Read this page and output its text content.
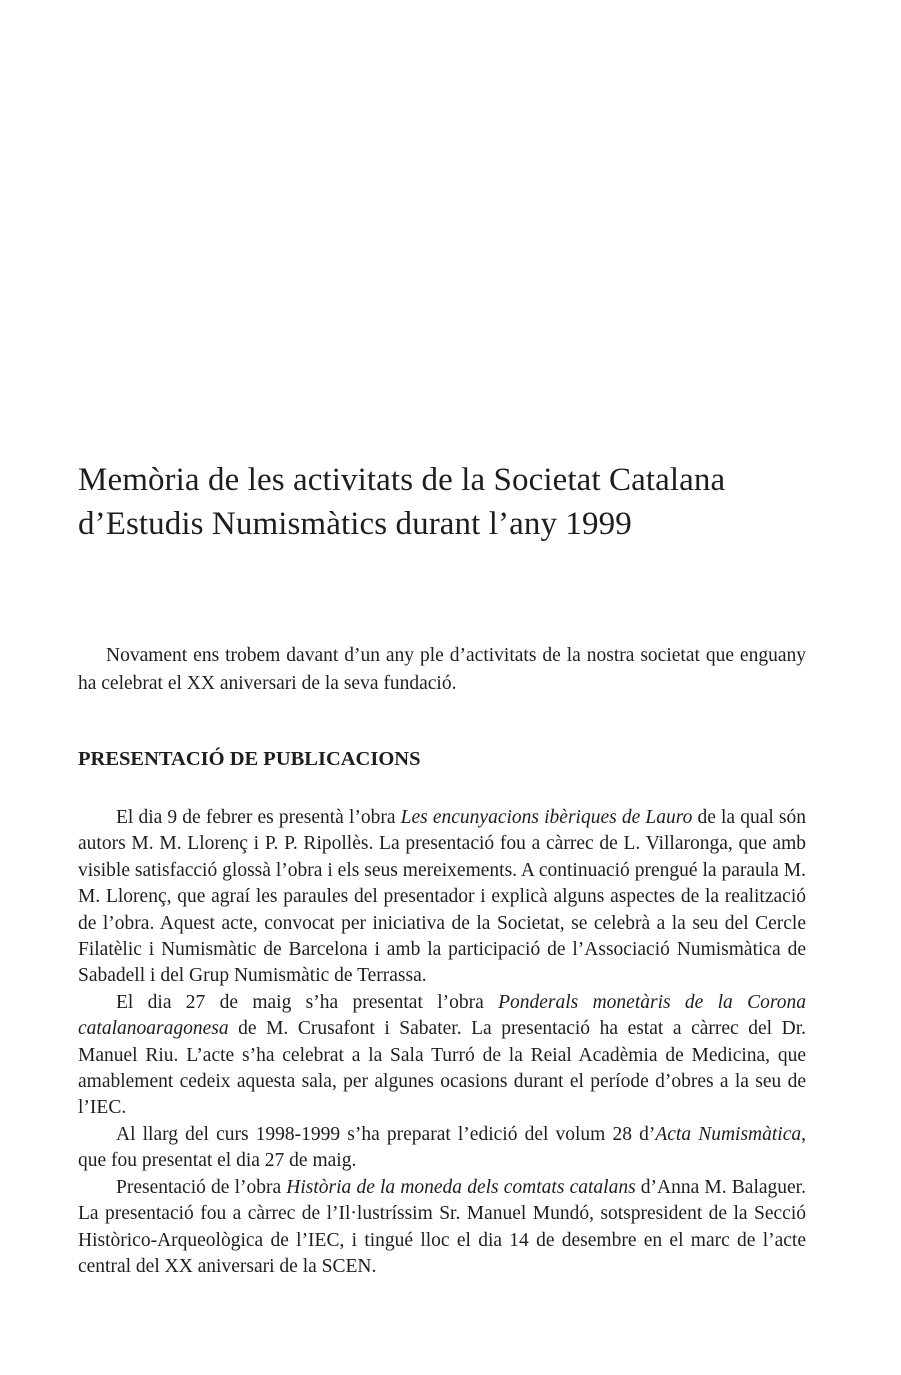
Memòria de les activitats de la Societat Catalana
d’Estudis Numismàtics durant l’any 1999

Novament ens trobem davant d’un any ple d’activitats de la nostra societat que enguany ha celebrat el XX aniversari de la seva fundació.

PRESENTACIÓ DE PUBLICACIONS

El dia 9 de febrer es presentà l’obra Les encunyacions ibèriques de Lauro de la qual són autors M. M. Llorenç i P. P. Ripollès. La presentació fou a càrrec de L. Villaronga, que amb visible satisfacció glossà l’obra i els seus mereixements. A continuació prengué la paraula M. M. Llorenç, que agraí les paraules del presentador i explicà alguns aspectes de la realització de l’obra. Aquest acte, convocat per iniciativa de la Societat, se celebrà a la seu del Cercle Filatèlic i Numismàtic de Barcelona i amb la participació de l’Associació Numismàtica de Sabadell i del Grup Numismàtic de Terrassa.

El dia 27 de maig s’ha presentat l’obra Ponderals monetàris de la Corona catalanoaragonesa de M. Crusafont i Sabater. La presentació ha estat a càrrec del Dr. Manuel Riu. L’acte s’ha celebrat a la Sala Turró de la Reial Acadèmia de Medicina, que amablement cedeix aquesta sala, per algunes ocasions durant el període d’obres a la seu de l’IEC.

Al llarg del curs 1998-1999 s’ha preparat l’edició del volum 28 d’Acta Numismàtica, que fou presentat el dia 27 de maig.

Presentació de l’obra Història de la moneda dels comtats catalans d’Anna M. Balaguer. La presentació fou a càrrec de l’Il·lustríssim Sr. Manuel Mundó, sotspresident de la Secció Històrico-Arqueològica de l’IEC, i tingué lloc el dia 14 de desembre en el marc de l’acte central del XX aniversari de la SCEN.
